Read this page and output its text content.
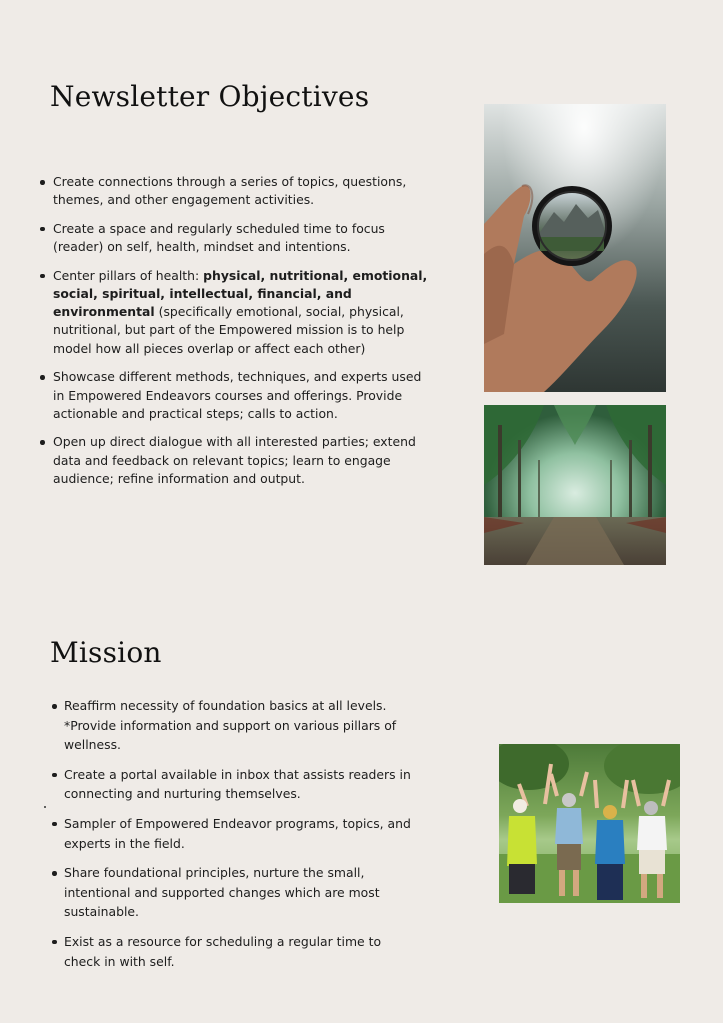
Newsletter Objectives
Create connections through a series of topics, questions, themes, and other engagement activities.
Create a space and regularly scheduled time to focus (reader) on self, health, mindset and intentions.
Center pillars of health: physical, nutritional, emotional, social, spiritual, intellectual, financial, and environmental (specifically emotional, social, physical, nutritional, but part of the Empowered mission is to help model how all pieces overlap or affect each other)
Showcase different methods, techniques, and experts used in Empowered Endeavors courses and offerings. Provide actionable and practical steps; calls to action.
Open up direct dialogue with all interested parties; extend data and feedback on relevant topics; learn to engage audience; refine information and output.
Mission
Reaffirm necessity of foundation basics at all levels. *Provide information and support on various pillars of wellness.
Create a portal available in inbox that assists readers in connecting and nurturing themselves.
Sampler of Empowered Endeavor programs, topics, and experts in the field.
Share foundational principles, nurture the small, intentional and supported changes which are most sustainable.
Exist as a resource for scheduling a regular time to check in with self.
